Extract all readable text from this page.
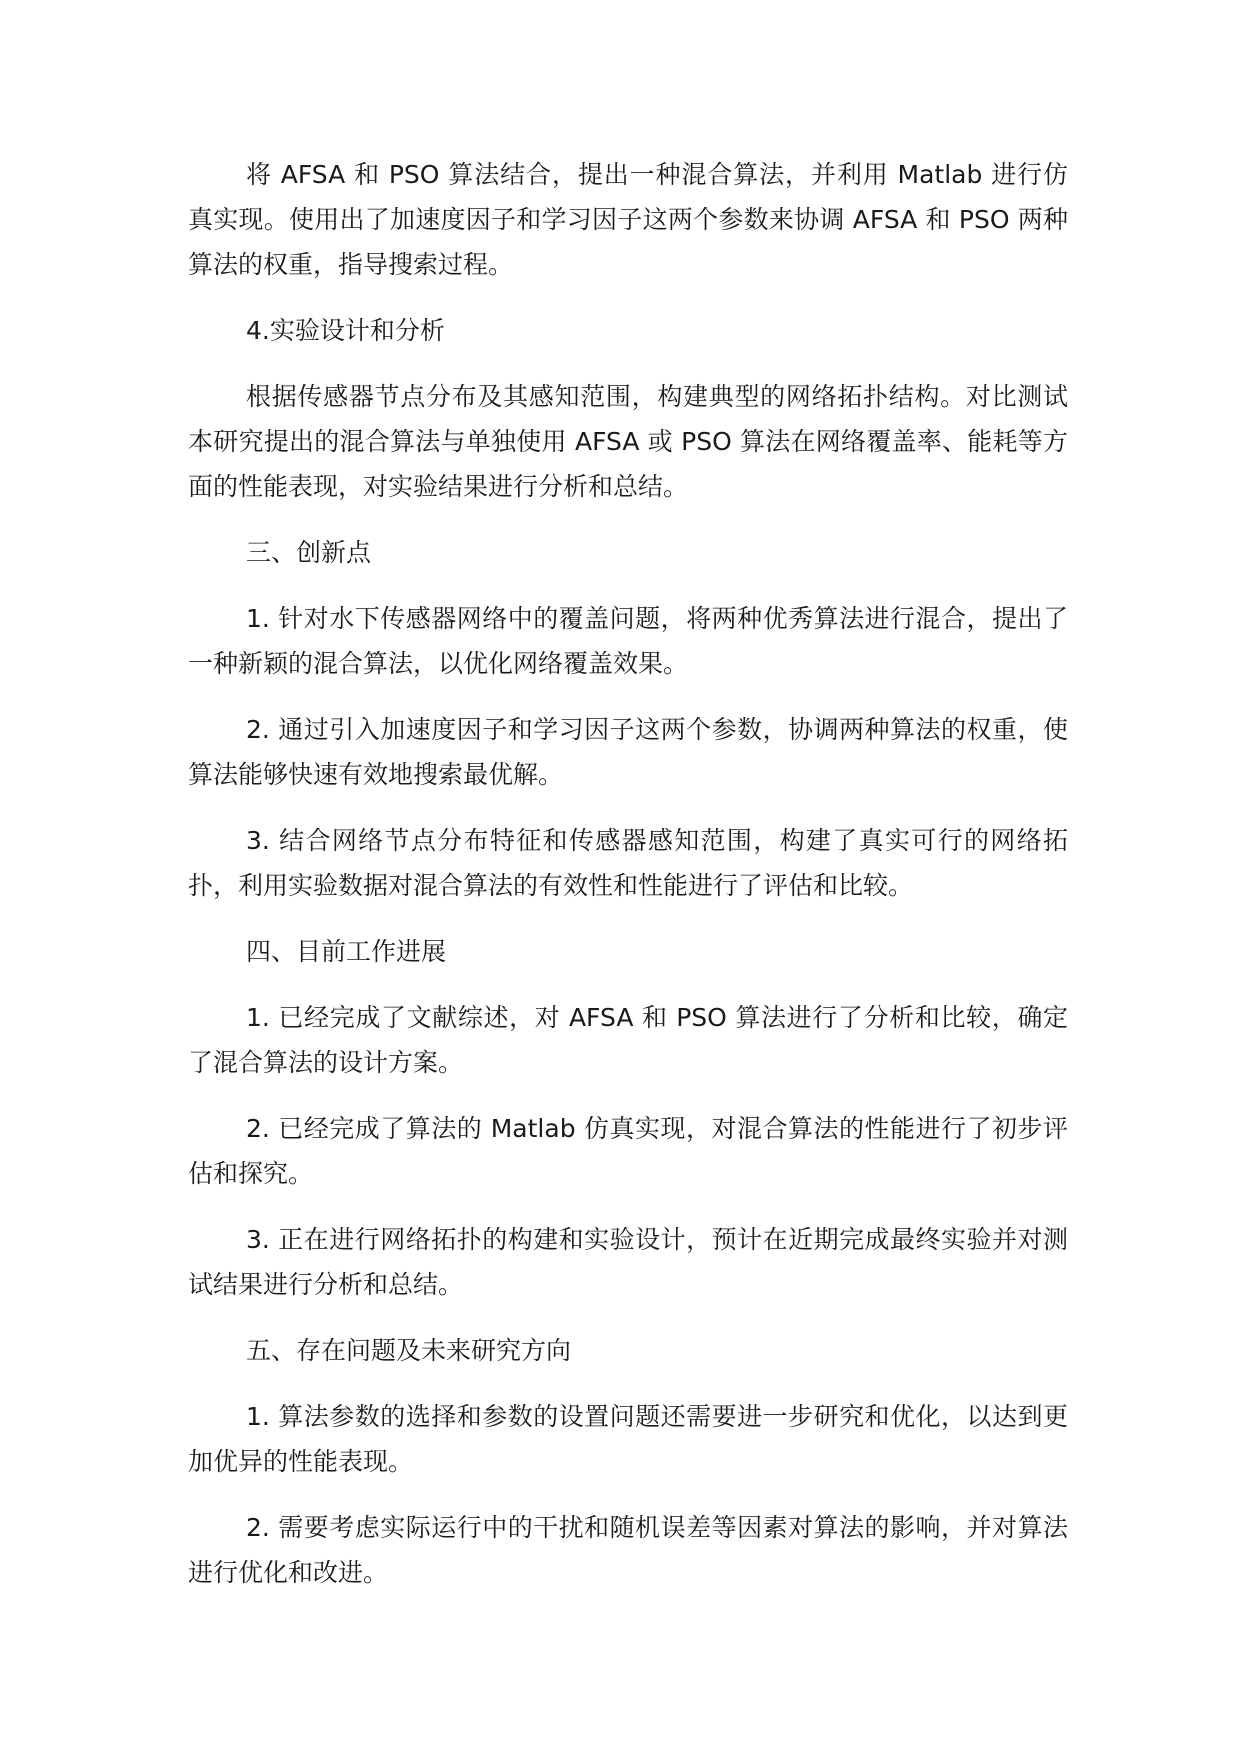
将 AFSA 和 PSO 算法结合，提出一种混合算法，并利用 Matlab 进行仿真实现。使用出了加速度因子和学习因子这两个参数来协调 AFSA 和 PSO 两种算法的权重，指导搜索过程。

4.实验设计和分析

根据传感器节点分布及其感知范围，构建典型的网络拓扑结构。对比测试本研究提出的混合算法与单独使用 AFSA 或 PSO 算法在网络覆盖率、能耗等方面的性能表现，对实验结果进行分析和总结。

三、创新点

1. 针对水下传感器网络中的覆盖问题，将两种优秀算法进行混合，提出了一种新颖的混合算法，以优化网络覆盖效果。

2. 通过引入加速度因子和学习因子这两个参数，协调两种算法的权重，使算法能够快速有效地搜索最优解。

3. 结合网络节点分布特征和传感器感知范围，构建了真实可行的网络拓扑，利用实验数据对混合算法的有效性和性能进行了评估和比较。

四、目前工作进展

1. 已经完成了文献综述，对 AFSA 和 PSO 算法进行了分析和比较，确定了混合算法的设计方案。

2. 已经完成了算法的 Matlab 仿真实现，对混合算法的性能进行了初步评估和探究。

3. 正在进行网络拓扑的构建和实验设计，预计在近期完成最终实验并对测试结果进行分析和总结。

五、存在问题及未来研究方向

1. 算法参数的选择和参数的设置问题还需要进一步研究和优化，以达到更加优异的性能表现。

2. 需要考虑实际运行中的干扰和随机误差等因素对算法的影响，并对算法进行优化和改进。
